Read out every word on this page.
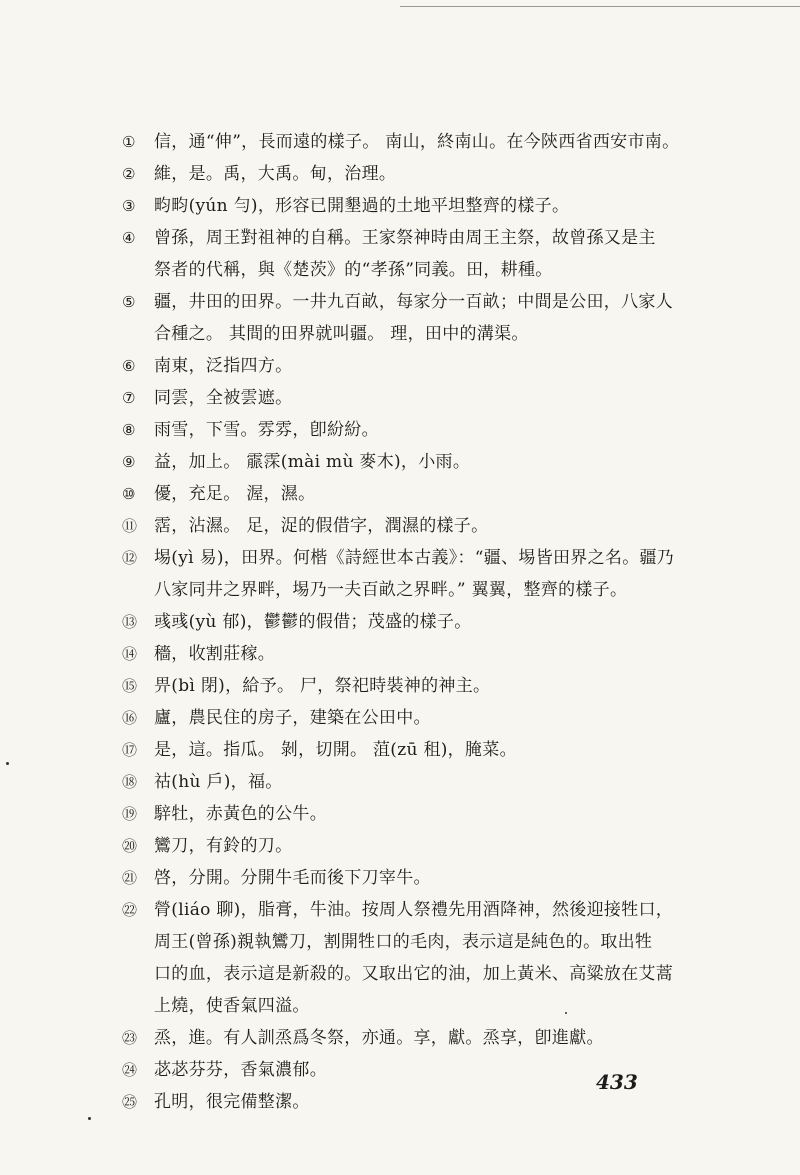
①	信，通“伸”，長而遠的樣子。 南山，終南山。在今陝西省西安市南。
②	維，是。禹，大禹。甸，治理。
③	畇畇(yún 勻)，形容已開墾過的土地平坦整齊的樣子。
④	曾孫，周王對祖神的自稱。王家祭神時由周王主祭，故曾孫又是主
祭者的代稱，與《楚茨》的“孝孫”同義。田，耕種。
⑤	疆，井田的田界。一井九百畝，每家分一百畝；中間是公田，八家人
合種之。 其間的田界就叫疆。 理，田中的溝渠。
⑥	南東，泛指四方。
⑦	同雲，全被雲遮。
⑧	雨雪，下雪。雰雰，卽紛紛。
⑨	益，加上。 霢霂(mài mù 麥木)，小雨。
⑩	優，充足。 渥，濕。
⑪ 霑，沾濕。 足，浞的假借字，潤濕的樣子。
⑫ 埸(yì 易)，田界。何楷《詩經世本古義》：“疆、埸皆田界之名。疆乃
八家同井之界畔，埸乃一夫百畝之界畔。” 翼翼，整齊的樣子。
⑬ 彧彧(yù 郁)，鬱鬱的假借；茂盛的樣子。
⑭ 穡，收割莊稼。
⑮ 畀(bì 閉)，給予。 尸，祭祀時裝神的神主。
⑯ 廬，農民住的房子，建築在公田中。
⑰ 是，這。指瓜。 剝，切開。 菹(zū 租)，腌菜。
⑱ 祜(hù 戶)，福。
⑲ 騂牡，赤黃色的公牛。
⑳ 鸞刀，有鈴的刀。
㉑ 啓，分開。分開牛毛而後下刀宰牛。
㉒ 膋(liáo 聊)，脂膏，牛油。按周人祭禮先用酒降神，然後迎接牲口，
周王(曾孫)親執鸞刀，割開牲口的毛肉，表示這是純色的。取出牲
口的血，表示這是新殺的。又取出它的油，加上黃米、高粱放在艾蒿
上燒，使香氣四溢。
㉓ 烝，進。有人訓烝爲冬祭，亦通。享，獻。烝享，卽進獻。
㉔ 苾苾芬芬，香氣濃郁。
㉕ 孔明，很完備整潔。
433
